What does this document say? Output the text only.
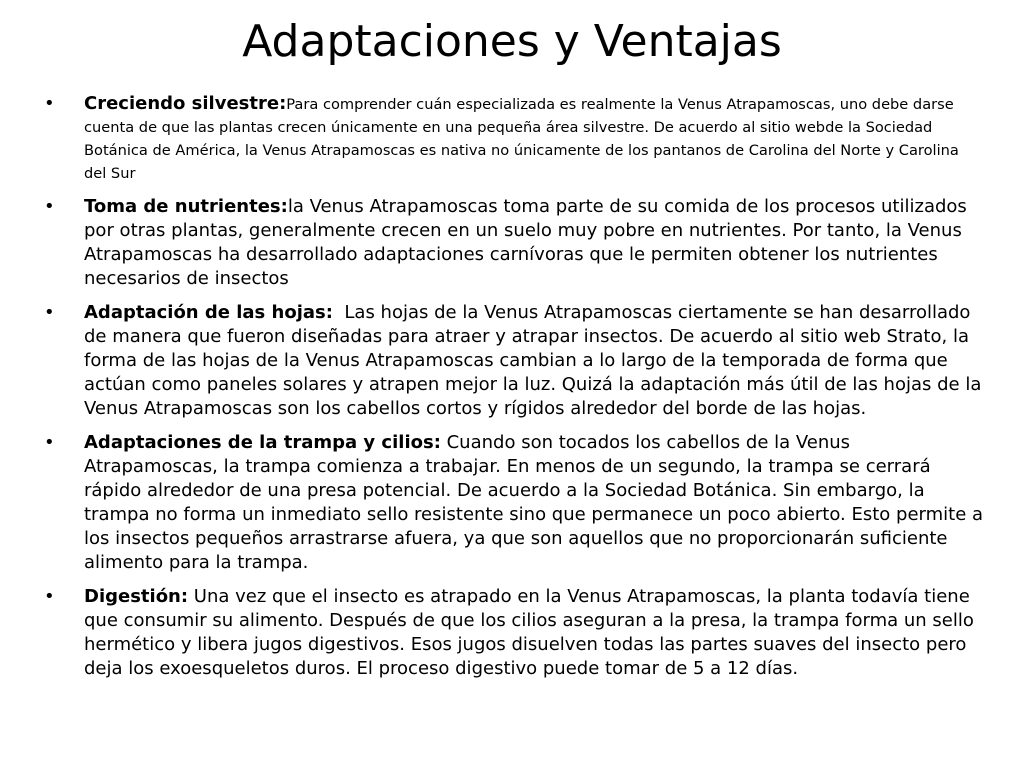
Adaptaciones y Ventajas
• Creciendo silvestre:Para comprender cuán especializada es realmente la Venus Atrapamoscas, uno debe darse cuenta de que las plantas crecen únicamente en una pequeña área silvestre. De acuerdo al sitio webde la Sociedad Botánica de América, la Venus Atrapamoscas es nativa no únicamente de los pantanos de Carolina del Norte y Carolina del Sur
• Toma de nutrientes:la Venus Atrapamoscas toma parte de su comida de los procesos utilizados por otras plantas, generalmente crecen en un suelo muy pobre en nutrientes. Por tanto, la Venus Atrapamoscas ha desarrollado adaptaciones carnívoras que le permiten obtener los nutrientes necesarios de insectos
• Adaptación de las hojas:  Las hojas de la Venus Atrapamoscas ciertamente se han desarrollado de manera que fueron diseñadas para atraer y atrapar insectos. De acuerdo al sitio web Strato, la forma de las hojas de la Venus Atrapamoscas cambian a lo largo de la temporada de forma que actúan como paneles solares y atrapen mejor la luz. Quizá la adaptación más útil de las hojas de la Venus Atrapamoscas son los cabellos cortos y rígidos alrededor del borde de las hojas.
• Adaptaciones de la trampa y cilios: Cuando son tocados los cabellos de la Venus Atrapamoscas, la trampa comienza a trabajar. En menos de un segundo, la trampa se cerrará rápido alrededor de una presa potencial. De acuerdo a la Sociedad Botánica. Sin embargo, la trampa no forma un inmediato sello resistente sino que permanece un poco abierto. Esto permite a los insectos pequeños arrastrarse afuera, ya que son aquellos que no proporcionarán suficiente alimento para la trampa.
• Digestión: Una vez que el insecto es atrapado en la Venus Atrapamoscas, la planta todavía tiene que consumir su alimento. Después de que los cilios aseguran a la presa, la trampa forma un sello hermético y libera jugos digestivos. Esos jugos disuelven todas las partes suaves del insecto pero deja los exoesqueletos duros. El proceso digestivo puede tomar de 5 a 12 días.
